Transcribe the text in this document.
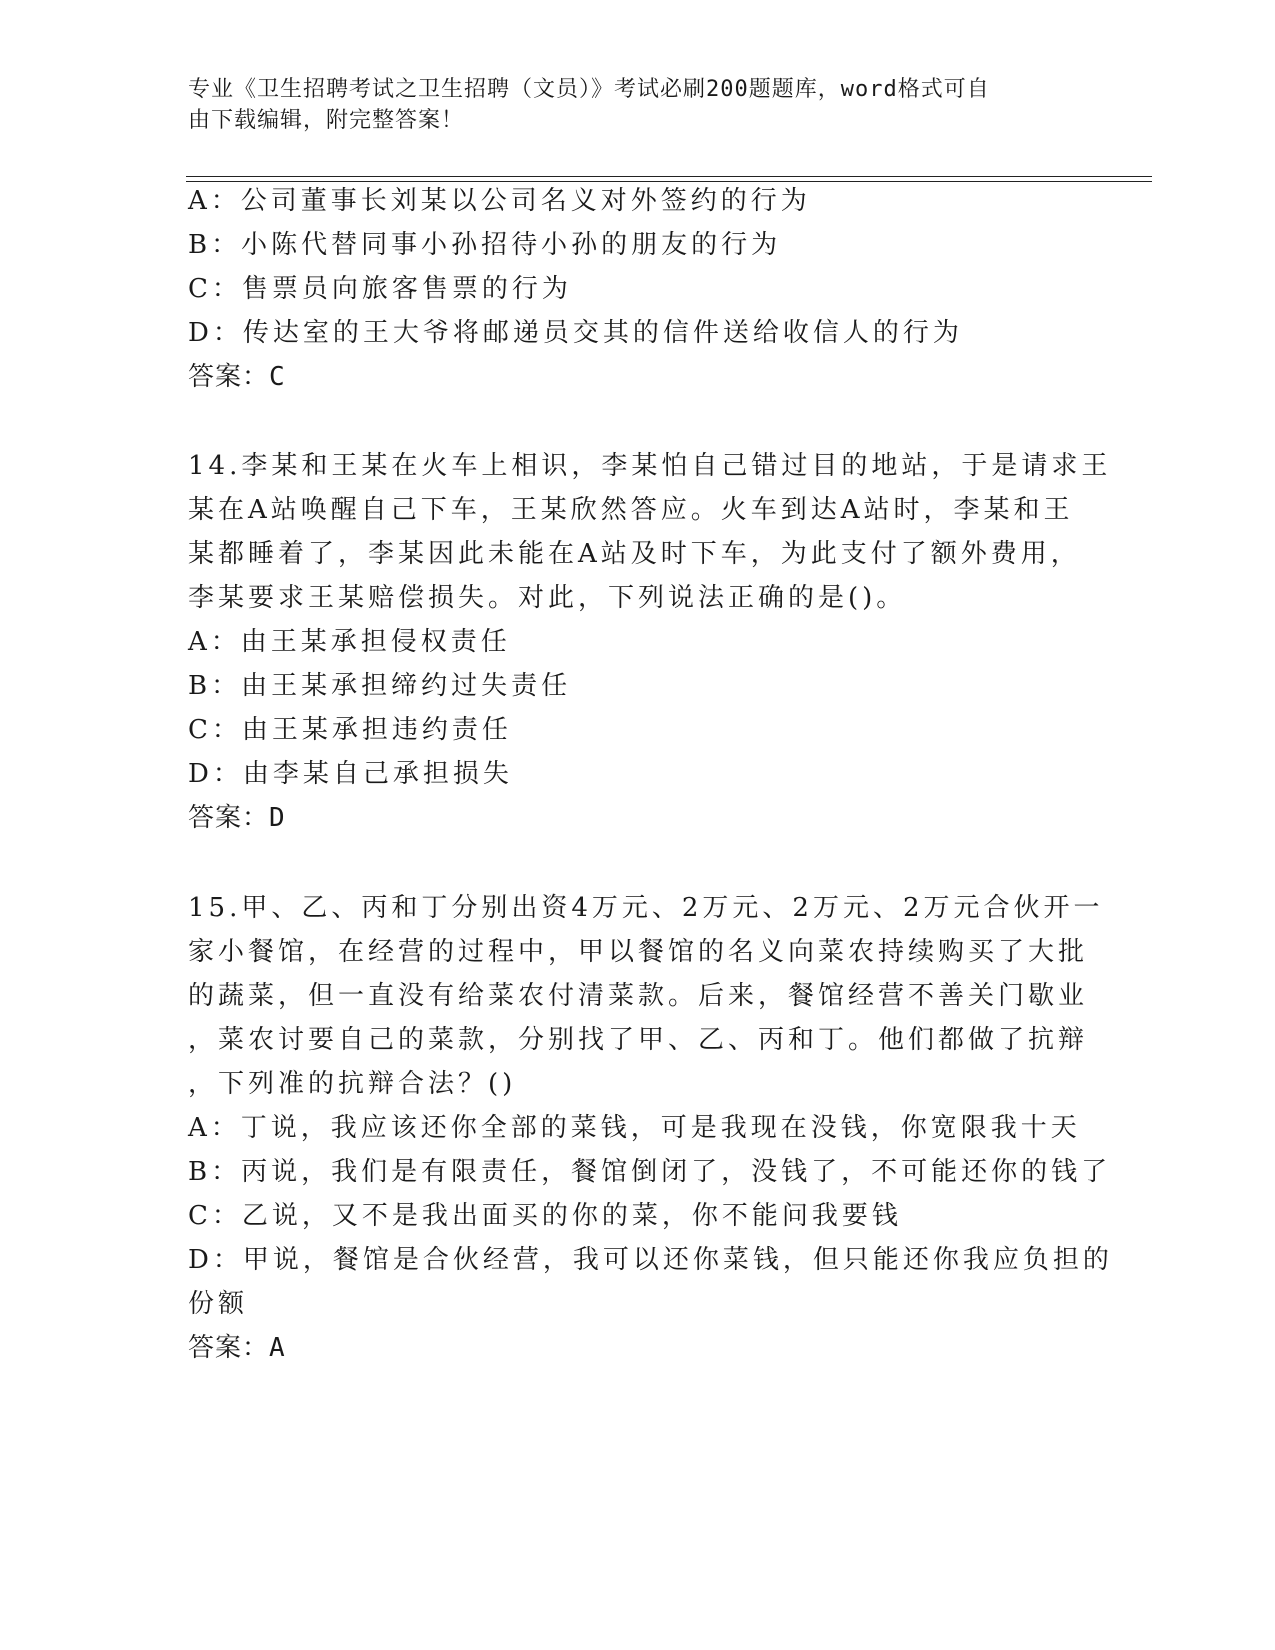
专业《卫生招聘考试之卫生招聘（文员）》考试必刷200题题库，word格式可自
由下载编辑，附完整答案！
A：公司董事长刘某以公司名义对外签约的行为
B：小陈代替同事小孙招待小孙的朋友的行为
C：售票员向旅客售票的行为
D：传达室的王大爷将邮递员交其的信件送给收信人的行为
答案：C
14.李某和王某在火车上相识，李某怕自己错过目的地站，于是请求王
某在A站唤醒自己下车，王某欣然答应。火车到达A站时，李某和王
某都睡着了，李某因此未能在A站及时下车，为此支付了额外费用，
李某要求王某赔偿损失。对此，下列说法正确的是()。
A：由王某承担侵权责任
B：由王某承担缔约过失责任
C：由王某承担违约责任
D：由李某自己承担损失
答案：D
15.甲、乙、丙和丁分别出资4万元、2万元、2万元、2万元合伙开一
家小餐馆，在经营的过程中，甲以餐馆的名义向菜农持续购买了大批
的蔬菜，但一直没有给菜农付清菜款。后来，餐馆经营不善关门歇业
，菜农讨要自己的菜款，分别找了甲、乙、丙和丁。他们都做了抗辩
，下列准的抗辩合法？()
A：丁说，我应该还你全部的菜钱，可是我现在没钱，你宽限我十天
B：丙说，我们是有限责任，餐馆倒闭了，没钱了，不可能还你的钱了
C：乙说，又不是我出面买的你的菜，你不能问我要钱
D：甲说，餐馆是合伙经营，我可以还你菜钱，但只能还你我应负担的
份额
答案：A
